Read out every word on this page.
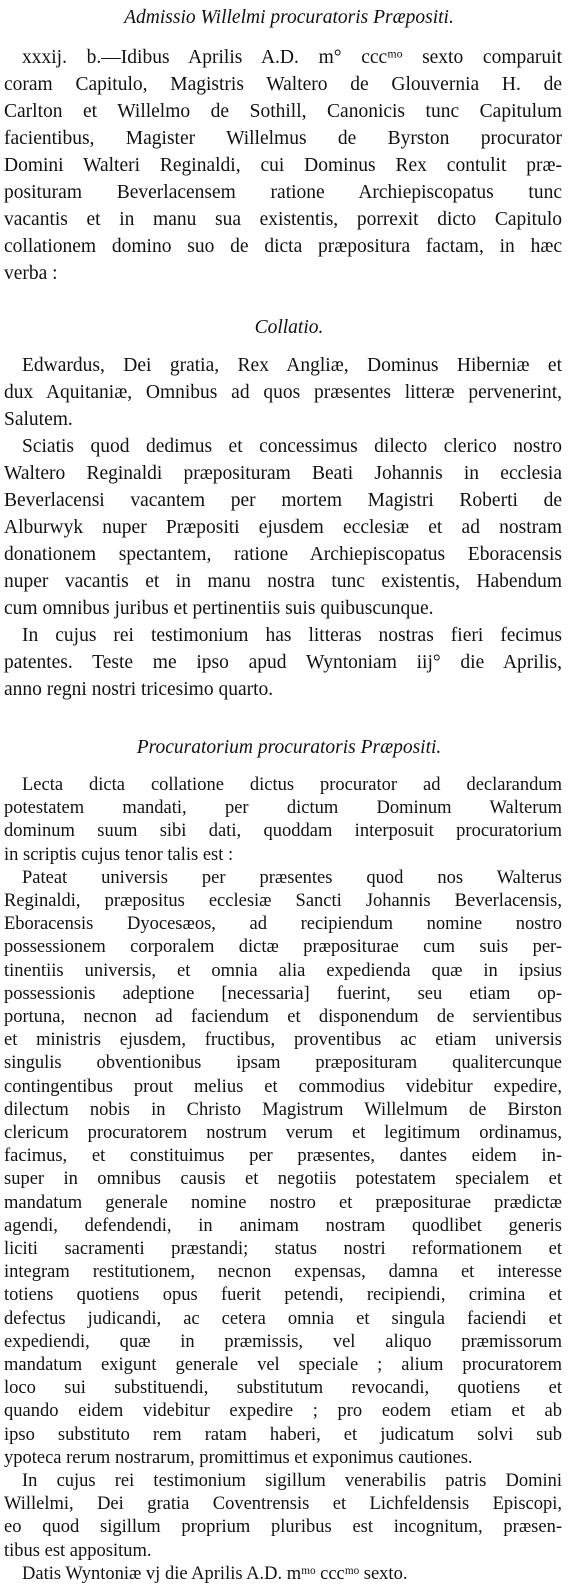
Admissio Willelmi procuratoris Præpositi.
xxxij. b.—Idibus Aprilis A.D. m° cccᵐᵒ sexto comparuit
coram Capitulo, Magistris Waltero de Glouvernia H. de
Carlton et Willelmo de Sothill, Canonicis tunc Capitulum
facientibus, Magister Willelmus de Byrston procurator
Domini Walteri Reginaldi, cui Dominus Rex contulit præ-
posituram Beverlacensem ratione Archiepiscopatus tunc
vacantis et in manu sua existentis, porrexit dicto Capitulo
collationem domino suo de dicta præpositura factam, in hæc
verba :
Collatio.
Edwardus, Dei gratia, Rex Angliæ, Dominus Hiberniæ et
dux Aquitaniæ, Omnibus ad quos præsentes litteræ pervenerint,
Salutem.
Sciatis quod dedimus et concessimus dilecto clerico nostro
Waltero Reginaldi præposituram Beati Johannis in ecclesia
Beverlacensi vacantem per mortem Magistri Roberti de
Alburwyk nuper Præpositi ejusdem ecclesiæ et ad nostram
donationem spectantem, ratione Archiepiscopatus Eboracensis
nuper vacantis et in manu nostra tunc existentis, Habendum
cum omnibus juribus et pertinentiis suis quibuscunque.
In cujus rei testimonium has litteras nostras fieri fecimus
patentes. Teste me ipso apud Wyntoniam iij° die Aprilis,
anno regni nostri tricesimo quarto.
Procuratorium procuratoris Præpositi.
Lecta dicta collatione dictus procurator ad declarandum
potestatem mandati, per dictum Dominum Walterum
dominum suum sibi dati, quoddam interposuit procuratorium
in scriptis cujus tenor talis est :
Pateat universis per præsentes quod nos Walterus
Reginaldi, præpositus ecclesiæ Sancti Johannis Beverlacensis,
Eboracensis Dyocesæos, ad recipiendum nomine nostro
possessionem corporalem dictæ præpositurae cum suis per-
tinentiis universis, et omnia alia expedienda quæ in ipsius
possessionis adeptione [necessaria] fuerint, seu etiam op-
portuna, necnon ad faciendum et disponendum de servientibus
et ministris ejusdem, fructibus, proventibus ac etiam universis
singulis obventionibus ipsam præposituram qualitercunque
contingentibus prout melius et commodius videbitur expedire,
dilectum nobis in Christo Magistrum Willelmum de Birston
clericum procuratorem nostrum verum et legitimum ordinamus,
facimus, et constituimus per præsentes, dantes eidem in-
super in omnibus causis et negotiis potestatem specialem et
mandatum generale nomine nostro et præpositurae prædictæ
agendi, defendendi, in animam nostram quodlibet generis
liciti sacramenti præstandi; status nostri reformationem et
integram restitutionem, necnon expensas, damna et interesse
totiens quotiens opus fuerit petendi, recipiendi, crimina et
defectus judicandi, ac cetera omnia et singula faciendi et
expediendi, quæ in præmissis, vel aliquo præmissorum
mandatum exigunt generale vel speciale ; alium procuratorem
loco sui substituendi, substitutum revocandi, quotiens et
quando eidem videbitur expedire ; pro eodem etiam et ab
ipso substituto rem ratam haberi, et judicatum solvi sub
ypoteca rerum nostrarum, promittimus et exponimus cautiones.
In cujus rei testimonium sigillum venerabilis patris Domini
Willelmi, Dei gratia Coventrensis et Lichfeldensis Episcopi,
eo quod sigillum proprium pluribus est incognitum, præsen-
tibus est appositum.
Datis Wyntoniæ vj die Aprilis A.D. mᵐᵒ cccᵐᵒ sexto.
